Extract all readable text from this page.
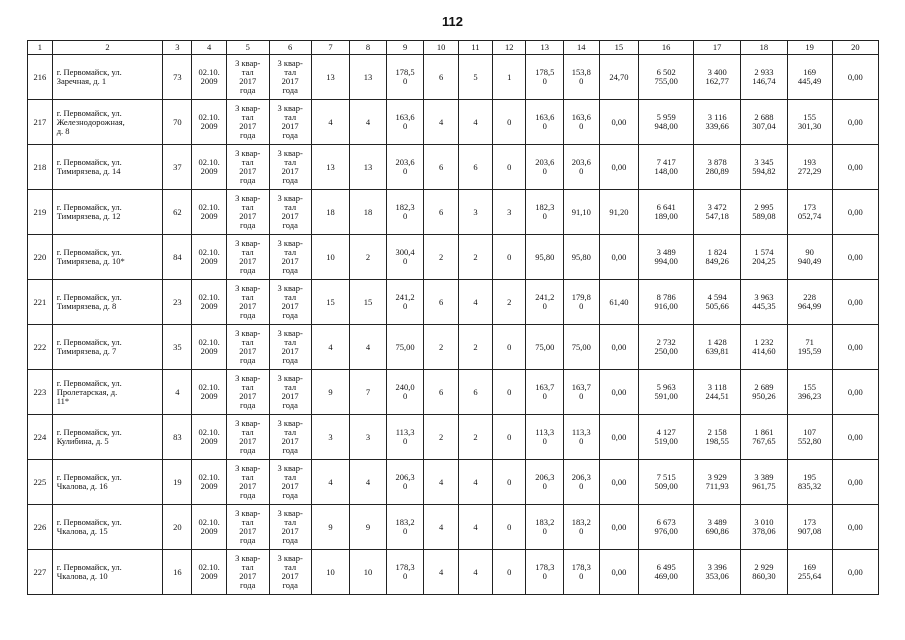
112
1	2	3	4	5	6	7	8	9	10	11	12	13	14	15	16	17	18	19	20
216	г. Первомайск, ул.
Заречная, д. 1	73	02.10.
2009	3 квар-
тал
2017
года	3 квар-
тал
2017
года	13	13	178,5
0	6	5	1	178,5
0	153,8
0	24,70	6 502
755,00	3 400
162,77	2 933
146,74	169
445,49	0,00
217	г. Первомайск, ул.
Железнодорожная,
д. 8	70	02.10.
2009	3 квар-
тал
2017
года	3 квар-
тал
2017
года	4	4	163,6
0	4	4	0	163,6
0	163,6
0	0,00	5 959
948,00	3 116
339,66	2 688
307,04	155
301,30	0,00
218	г. Первомайск, ул.
Тимирязева, д. 14	37	02.10.
2009	3 квар-
тал
2017
года	3 квар-
тал
2017
года	13	13	203,6
0	6	6	0	203,6
0	203,6
0	0,00	7 417
148,00	3 878
280,89	3 345
594,82	193
272,29	0,00
219	г. Первомайск, ул.
Тимирязева, д. 12	62	02.10.
2009	3 квар-
тал
2017
года	3 квар-
тал
2017
года	18	18	182,3
0	6	3	3	182,3
0	91,10	91,20	6 641
189,00	3 472
547,18	2 995
589,08	173
052,74	0,00
220	г. Первомайск, ул.
Тимирязева, д. 10*	84	02.10.
2009	3 квар-
тал
2017
года	3 квар-
тал
2017
года	10	2	300,4
0	2	2	0	95,80	95,80	0,00	3 489
994,00	1 824
849,26	1 574
204,25	90
940,49	0,00
221	г. Первомайск, ул.
Тимирязева, д. 8	23	02.10.
2009	3 квар-
тал
2017
года	3 квар-
тал
2017
года	15	15	241,2
0	6	4	2	241,2
0	179,8
0	61,40	8 786
916,00	4 594
505,66	3 963
445,35	228
964,99	0,00
222	г. Первомайск, ул.
Тимирязева, д. 7	35	02.10.
2009	3 квар-
тал
2017
года	3 квар-
тал
2017
года	4	4	75,00	2	2	0	75,00	75,00	0,00	2 732
250,00	1 428
639,81	1 232
414,60	71
195,59	0,00
223	г. Первомайск, ул.
Пролетарская, д.
11*	4	02.10.
2009	3 квар-
тал
2017
года	3 квар-
тал
2017
года	9	7	240,0
0	6	6	0	163,7
0	163,7
0	0,00	5 963
591,00	3 118
244,51	2 689
950,26	155
396,23	0,00
224	г. Первомайск, ул.
Кулибина, д. 5	83	02.10.
2009	3 квар-
тал
2017
года	3 квар-
тал
2017
года	3	3	113,3
0	2	2	0	113,3
0	113,3
0	0,00	4 127
519,00	2 158
198,55	1 861
767,65	107
552,80	0,00
225	г. Первомайск, ул.
Чкалова, д. 16	19	02.10.
2009	3 квар-
тал
2017
года	3 квар-
тал
2017
года	4	4	206,3
0	4	4	0	206,3
0	206,3
0	0,00	7 515
509,00	3 929
711,93	3 389
961,75	195
835,32	0,00
226	г. Первомайск, ул.
Чкалова, д. 15	20	02.10.
2009	3 квар-
тал
2017
года	3 квар-
тал
2017
года	9	9	183,2
0	4	4	0	183,2
0	183,2
0	0,00	6 673
976,00	3 489
690,86	3 010
378,06	173
907,08	0,00
227	г. Первомайск, ул.
Чкалова, д. 10	16	02.10.
2009	3 квар-
тал
2017
года	3 квар-
тал
2017
года	10	10	178,3
0	4	4	0	178,3
0	178,3
0	0,00	6 495
469,00	3 396
353,06	2 929
860,30	169
255,64	0,00
